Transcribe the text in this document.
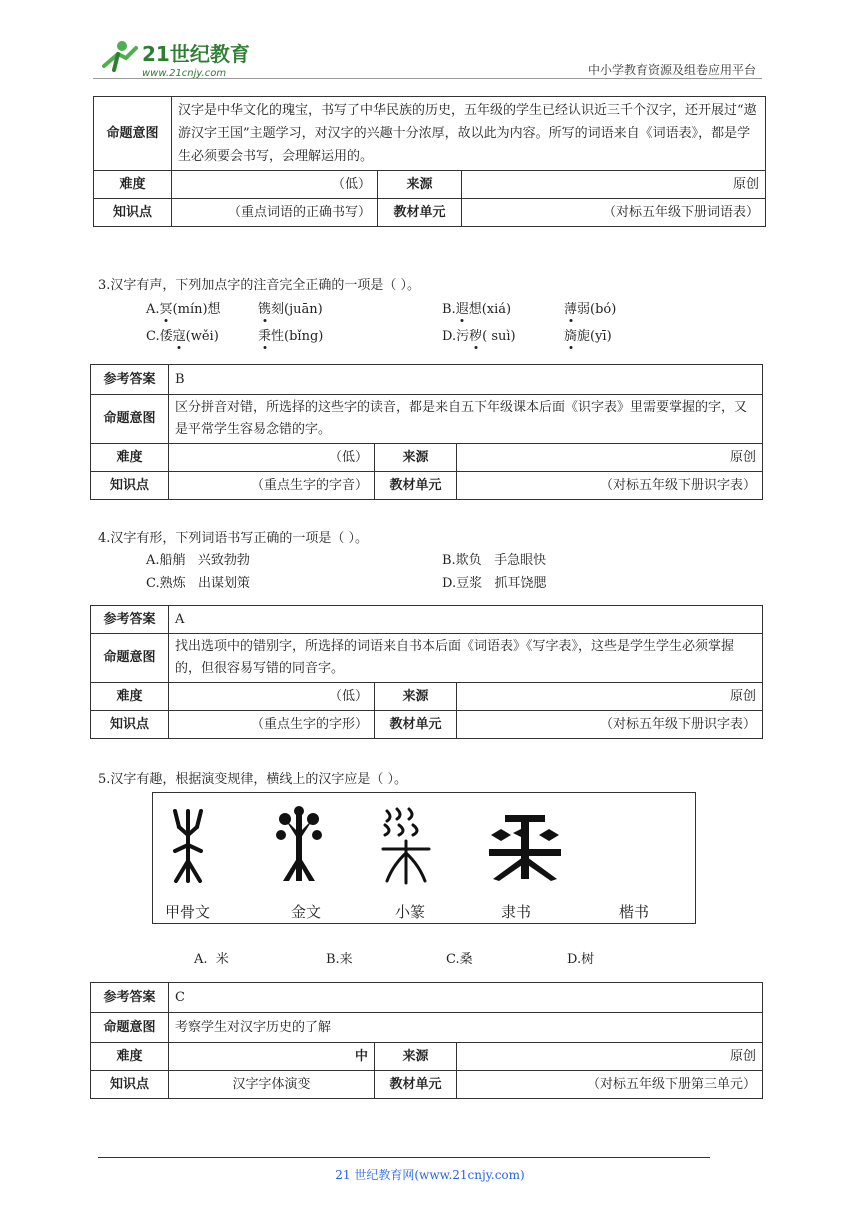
21世纪教育
www.21cnjy.com	中小学教育资源及组卷应用平台
命题意图	汉字是中华文化的瑰宝，书写了中华民族的历史，五年级的学生已经认识近三千个汉字，还开展过“遨游汉字王国”主题学习，对汉字的兴趣十分浓厚，故以此为内容。所写的词语来自《词语表》，都是学生必须要会书写，会理解运用的。		
难度	（低）	来源	原创
知识点	（重点词语的正确书写）	教材单元	（对标五年级下册词语表）
3.汉字有声，下列加点字的注音完全正确的一项是（ ）。
A.冥(mín)想	镌刻(juān)	B.遐想(xiá)	薄弱(bó)
C.倭寇(wěi)	秉性(bǐng)	D.污秽( suì)	旖旎(yī)
参考答案	B		
命题意图	区分拼音对错，所选择的这些字的读音，都是来自五下年级课本后面《识字表》里需要掌握的字，又是平常学生容易念错的字。		
难度	（低）	来源	原创
知识点	（重点生字的字音）	教材单元	（对标五年级下册识字表）
4.汉字有形，下列词语书写正确的一项是（ ）。
A.船艄   兴致勃勃	B.欺负   手急眼快
C.熟炼   出谋划策	D.豆浆   抓耳饶腮
参考答案	A		
命题意图	找出选项中的错别字，所选择的词语来自书本后面《词语表》《写字表》，这些是学生学生必须掌握的，但很容易写错的同音字。		
难度	（低）	来源	原创
知识点	（重点生字的字形）	教材单元	（对标五年级下册识字表）
5.汉字有趣，根据演变规律，横线上的汉字应是（ ）。
甲骨文	金文	小篆	隶书	楷书
A.  米	B.来	C.桑	D.树
参考答案	C		
命题意图	考察学生对汉字历史的了解		
难度	中	来源	原创
知识点	汉字字体演变	教材单元	（对标五年级下册第三单元）
21 世纪教育网(www.21cnjy.com)
